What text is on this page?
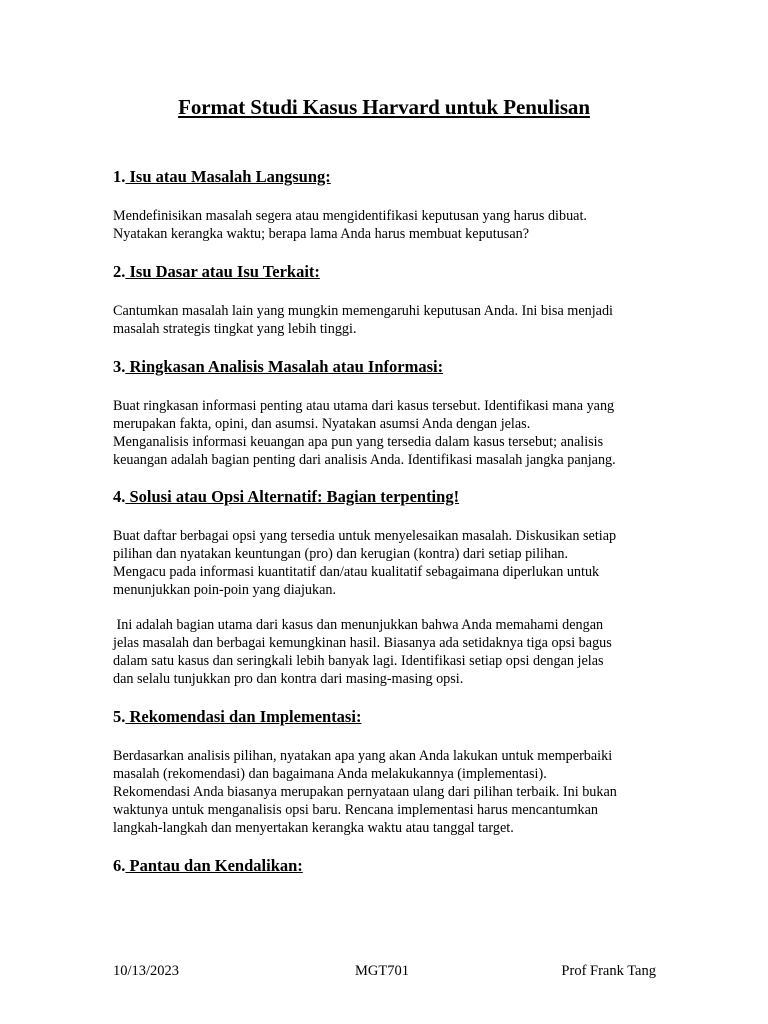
Format Studi Kasus Harvard untuk Penulisan
1. Isu atau Masalah Langsung:
Mendefinisikan masalah segera atau mengidentifikasi keputusan yang harus dibuat.
Nyatakan kerangka waktu; berapa lama Anda harus membuat keputusan?
2. Isu Dasar atau Isu Terkait:
Cantumkan masalah lain yang mungkin memengaruhi keputusan Anda. Ini bisa menjadi
masalah strategis tingkat yang lebih tinggi.
3. Ringkasan Analisis Masalah atau Informasi:
Buat ringkasan informasi penting atau utama dari kasus tersebut. Identifikasi mana yang
merupakan fakta, opini, dan asumsi. Nyatakan asumsi Anda dengan jelas.
Menganalisis informasi keuangan apa pun yang tersedia dalam kasus tersebut; analisis
keuangan adalah bagian penting dari analisis Anda. Identifikasi masalah jangka panjang.
4. Solusi atau Opsi Alternatif: Bagian terpenting!
Buat daftar berbagai opsi yang tersedia untuk menyelesaikan masalah. Diskusikan setiap
pilihan dan nyatakan keuntungan (pro) dan kerugian (kontra) dari setiap pilihan.
Mengacu pada informasi kuantitatif dan/atau kualitatif sebagaimana diperlukan untuk
menunjukkan poin-poin yang diajukan.
Ini adalah bagian utama dari kasus dan menunjukkan bahwa Anda memahami dengan
jelas masalah dan berbagai kemungkinan hasil. Biasanya ada setidaknya tiga opsi bagus
dalam satu kasus dan seringkali lebih banyak lagi. Identifikasi setiap opsi dengan jelas
dan selalu tunjukkan pro dan kontra dari masing-masing opsi.
5. Rekomendasi dan Implementasi:
Berdasarkan analisis pilihan, nyatakan apa yang akan Anda lakukan untuk memperbaiki
masalah (rekomendasi) dan bagaimana Anda melakukannya (implementasi).
Rekomendasi Anda biasanya merupakan pernyataan ulang dari pilihan terbaik. Ini bukan
waktunya untuk menganalisis opsi baru. Rencana implementasi harus mencantumkan
langkah-langkah dan menyertakan kerangka waktu atau tanggal target.
6. Pantau dan Kendalikan:
10/13/2023	MGT701	Prof Frank Tang
